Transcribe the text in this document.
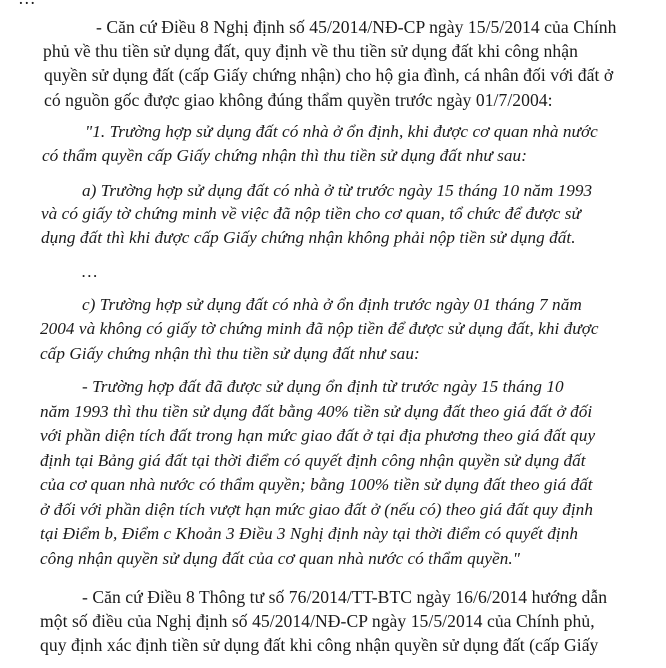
- Căn cứ Điều 8 Nghị định số 45/2014/NĐ-CP ngày 15/5/2014 của Chính
phủ về thu tiền sử dụng đất, quy định về thu tiền sử dụng đất khi công nhận
quyền sử dụng đất (cấp Giấy chứng nhận) cho hộ gia đình, cá nhân đối với đất ở
có nguồn gốc được giao không đúng thẩm quyền trước ngày 01/7/2004:
"1. Trường hợp sử dụng đất có nhà ở ổn định, khi được cơ quan nhà nước
có thẩm quyền cấp Giấy chứng nhận thì thu tiền sử dụng đất như sau:
a) Trường hợp sử dụng đất có nhà ở từ trước ngày 15 tháng 10 năm 1993
và có giấy tờ chứng minh về việc đã nộp tiền cho cơ quan, tổ chức để được sử
dụng đất thì khi được cấp Giấy chứng nhận không phải nộp tiền sử dụng đất.
…
c) Trường hợp sử dụng đất có nhà ở ổn định trước ngày 01 tháng 7 năm
2004 và không có giấy tờ chứng minh đã nộp tiền để được sử dụng đất, khi được
cấp Giấy chứng nhận thì thu tiền sử dụng đất như sau:
- Trường hợp đất đã được sử dụng ổn định từ trước ngày 15 tháng 10
năm 1993 thì thu tiền sử dụng đất bằng 40% tiền sử dụng đất theo giá đất ở đối
với phần diện tích đất trong hạn mức giao đất ở tại địa phương theo giá đất quy
định tại Bảng giá đất tại thời điểm có quyết định công nhận quyền sử dụng đất
của cơ quan nhà nước có thẩm quyền; bằng 100% tiền sử dụng đất theo giá đất
ở đối với phần diện tích vượt hạn mức giao đất ở (nếu có) theo giá đất quy định
tại Điểm b, Điểm c Khoản 3 Điều 3 Nghị định này tại thời điểm có quyết định
công nhận quyền sử dụng đất của cơ quan nhà nước có thẩm quyền."
- Căn cứ Điều 8 Thông tư số 76/2014/TT-BTC ngày 16/6/2014 hướng dẫn
một số điều của Nghị định số 45/2014/NĐ-CP ngày 15/5/2014 của Chính phủ,
quy định xác định tiền sử dụng đất khi công nhận quyền sử dụng đất (cấp Giấy
